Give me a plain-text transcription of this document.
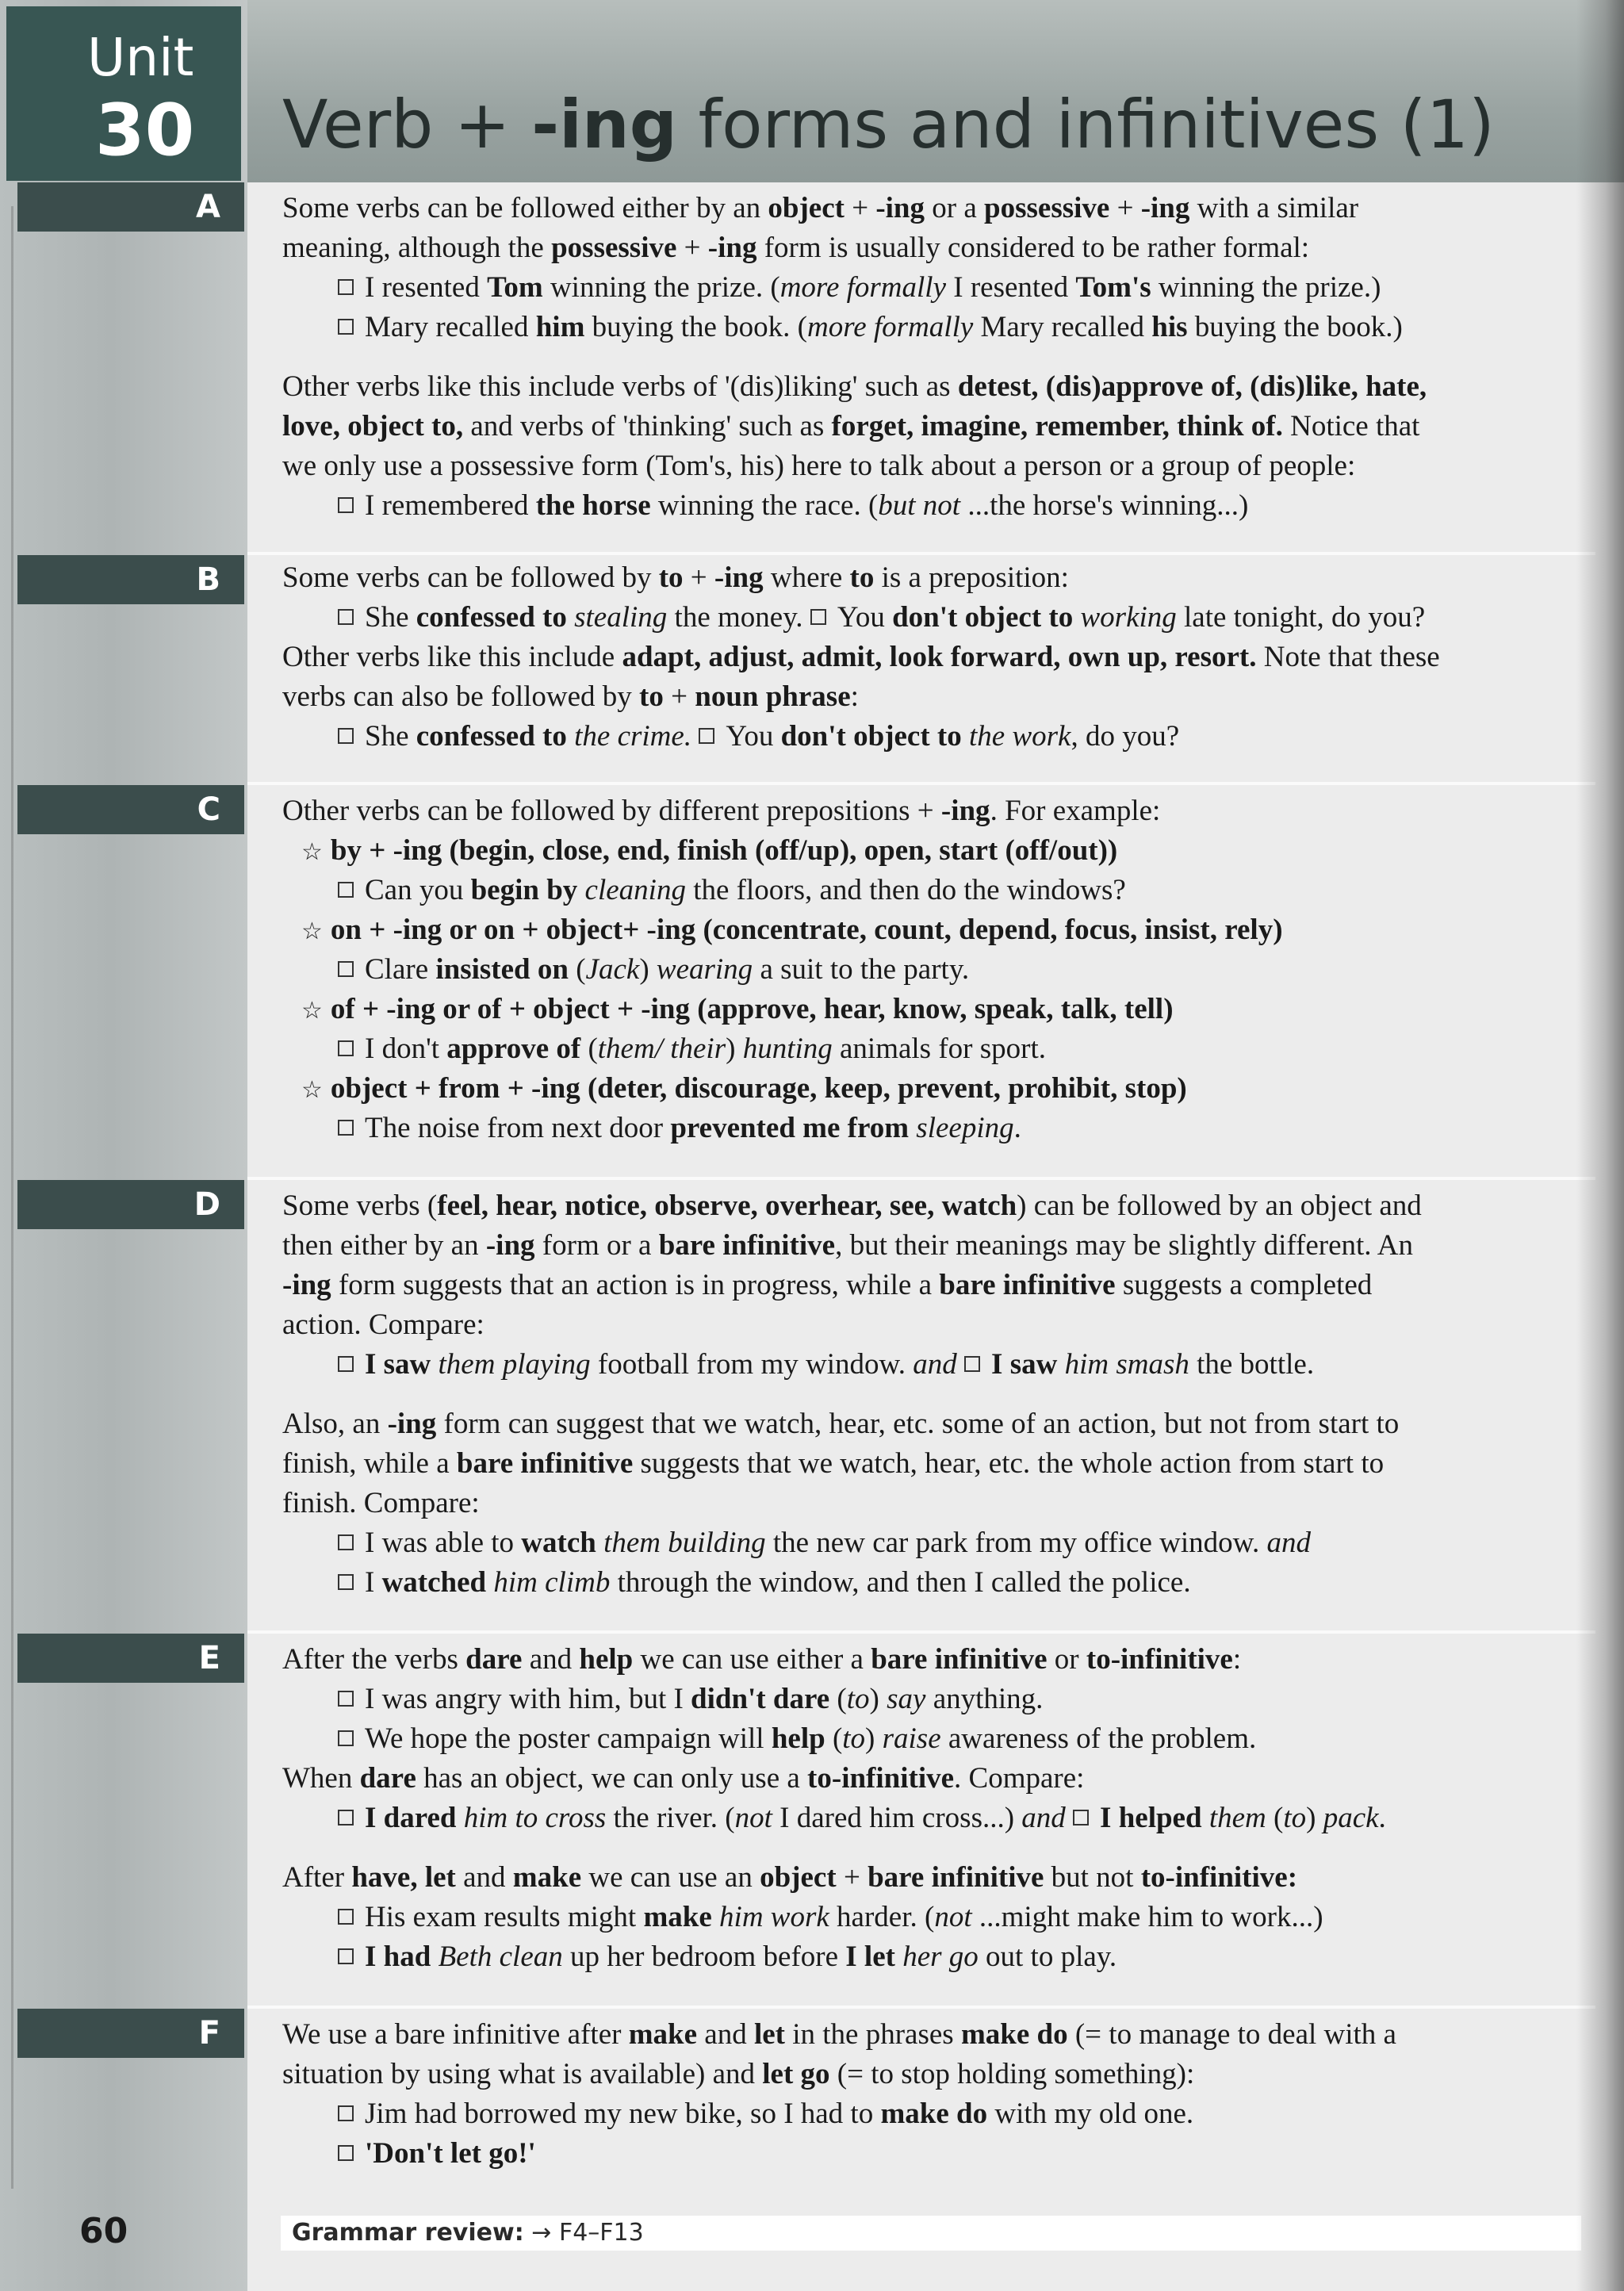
Verb + -ing forms and infinitives (1)
Unit
30
A	Some verbs can be followed either by an object + -ing or a possessive + -ing with a similar
meaning, although the possessive + -ing form is usually considered to be rather formal:
I resented Tom winning the prize. (more formally I resented Tom's winning the prize.)
Mary recalled him buying the book. (more formally Mary recalled his buying the book.)
Other verbs like this include verbs of '(dis)liking' such as detest, (dis)approve of, (dis)like, hate,
love, object to, and verbs of 'thinking' such as forget, imagine, remember, think of. Notice that
we only use a possessive form (Tom's, his) here to talk about a person or a group of people:
I remembered the horse winning the race. (but not ...the horse's winning...)
B	Some verbs can be followed by to + -ing where to is a preposition:
She confessed to stealing the money. You don't object to working late tonight, do you?
Other verbs like this include adapt, adjust, admit, look forward, own up, resort. Note that these
verbs can also be followed by to + noun phrase:
She confessed to the crime. You don't object to the work, do you?
C	Other verbs can be followed by different prepositions + -ing. For example:
☆ by + -ing (begin, close, end, finish (off/up), open, start (off/out))
Can you begin by cleaning the floors, and then do the windows?
☆ on + -ing or on + object+ -ing (concentrate, count, depend, focus, insist, rely)
Clare insisted on (Jack) wearing a suit to the party.
☆ of + -ing or of + object + -ing (approve, hear, know, speak, talk, tell)
I don't approve of (them/ their) hunting animals for sport.
☆ object + from + -ing (deter, discourage, keep, prevent, prohibit, stop)
The noise from next door prevented me from sleeping.
D	Some verbs (feel, hear, notice, observe, overhear, see, watch) can be followed by an object and
then either by an -ing form or a bare infinitive, but their meanings may be slightly different. An
-ing form suggests that an action is in progress, while a bare infinitive suggests a completed
action. Compare:
I saw them playing football from my window. and I saw him smash the bottle.
Also, an -ing form can suggest that we watch, hear, etc. some of an action, but not from start to
finish, while a bare infinitive suggests that we watch, hear, etc. the whole action from start to
finish. Compare:
I was able to watch them building the new car park from my office window. and
I watched him climb through the window, and then I called the police.
E	After the verbs dare and help we can use either a bare infinitive or to-infinitive:
I was angry with him, but I didn't dare (to) say anything.
We hope the poster campaign will help (to) raise awareness of the problem.
When dare has an object, we can only use a to-infinitive. Compare:
I dared him to cross the river. (not I dared him cross...) and I helped them (to) pack.
After have, let and make we can use an object + bare infinitive but not to-infinitive:
His exam results might make him work harder. (not ...might make him to work...)
I had Beth clean up her bedroom before I let her go out to play.
F	We use a bare infinitive after make and let in the phrases make do (= to manage to deal with a
situation by using what is available) and let go (= to stop holding something):
Jim had borrowed my new bike, so I had to make do with my old one.
'Don't let go!'
60	Grammar review: → F4–F13
